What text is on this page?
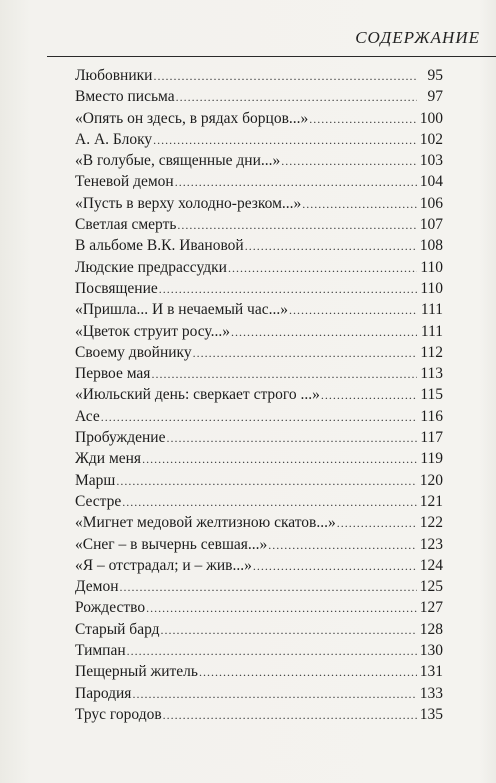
СОДЕРЖАНИЕ
Любовники . . .	95
Вместо письма . . .	97
«Опять он здесь, в рядах борцов...» . . .	100
А. А. Блоку . . .	102
«В голубые, священные дни...» . . .	103
Теневой демон . . .	104
«Пусть в верху холодно-резком...» . . .	106
Светлая смерть . . .	107
В альбоме В.К. Ивановой . . .	108
Людские предрассудки . . .	110
Посвящение . . .	110
«Пришла... И в нечаемый час...» . . .	111
«Цветок струит росу...» . . .	111
Своему двойнику . . .	112
Первое мая . . .	113
«Июльский день: сверкает строго ...» . . .	115
Асе . . .	116
Пробуждение . . .	117
Жди меня . . .	119
Марш . . .	120
Сестре . . .	121
«Мигнет медовой желтизною скатов...» . . .	122
«Снег – в вычернь севшая...» . . .	123
«Я – отстрадал; и – жив...» . . .	124
Демон . . .	125
Рождество . . .	127
Старый бард . . .	128
Тимпан . . .	130
Пещерный житель . . .	131
Пародия . . .	133
Трус городов . . .	135
